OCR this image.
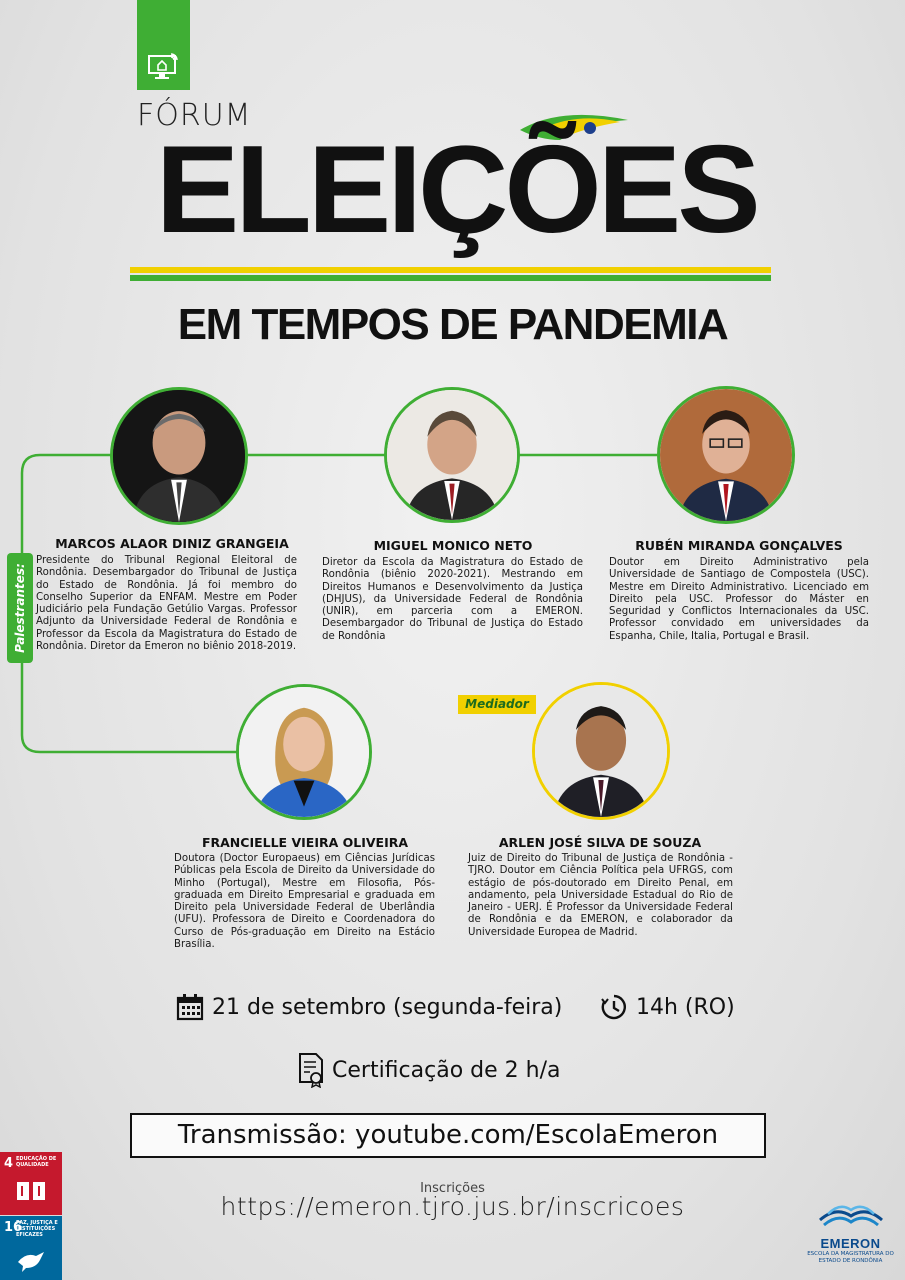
FÓRUM
ELEIÇÕES
EM TEMPOS DE PANDEMIA
Palestrantes:
Mediador
MARCOS ALAOR DINIZ GRANGEIA
Presidente do Tribunal Regional Eleitoral de Rondônia. Desembargador do Tribunal de Justiça do Estado de Rondônia. Já foi membro do Conselho Superior da ENFAM. Mestre em Poder Judiciário pela Fundação Getúlio Vargas. Professor Adjunto da Universidade Federal de Rondônia e Professor da Escola da Magistratura do Estado de Rondônia. Diretor da Emeron no biênio 2018-2019.
MIGUEL MONICO NETO
Diretor da Escola da Magistratura do Estado de Rondônia (biênio 2020-2021). Mestrando em Direitos Humanos e Desenvolvimento da Justiça (DHJUS), da Universidade Federal de Rondônia (UNIR), em parceria com a EMERON. Desembargador do Tribunal de Justiça do Estado de Rondônia
RUBÉN MIRANDA GONÇALVES
Doutor em Direito Administrativo pela Universidade de Santiago de Compostela (USC). Mestre em Direito Administrativo. Licenciado em Direito pela USC. Professor do Máster en Seguridad y Conflictos Internacionales da USC. Professor convidado em universidades da Espanha, Chile, Italia, Portugal e Brasil.
FRANCIELLE VIEIRA OLIVEIRA
Doutora (Doctor Europaeus) em Ciências Jurídicas Públicas pela Escola de Direito da Universidade do Minho (Portugal), Mestre em Filosofia, Pós-graduada em Direito Empresarial e graduada em Direito pela Universidade Federal de Uberlândia (UFU). Professora de Direito e Coordenadora do Curso de Pós-graduação em Direito na Estácio Brasília.
ARLEN JOSÉ SILVA DE SOUZA
Juiz de Direito do Tribunal de Justiça de Rondônia - TJRO. Doutor em Ciência Política pela UFRGS, com estágio de pós-doutorado em Direito Penal, em andamento, pela Universidade Estadual do Rio de Janeiro - UERJ. É Professor da Universidade Federal de Rondônia e da EMERON, e colaborador da Universidade Europea de Madrid.
21 de setembro (segunda-feira)	14h (RO)
Certificação de 2 h/a
Transmissão: youtube.com/EscolaEmeron
Inscrições
https://emeron.tjro.jus.br/inscricoes
4 EDUCAÇÃO DE QUALIDADE
16
PAZ, JUSTIÇA E INSTITUIÇÕES EFICAZES
EMERON
ESCOLA DA MAGISTRATURA DO ESTADO DE RONDÔNIA
